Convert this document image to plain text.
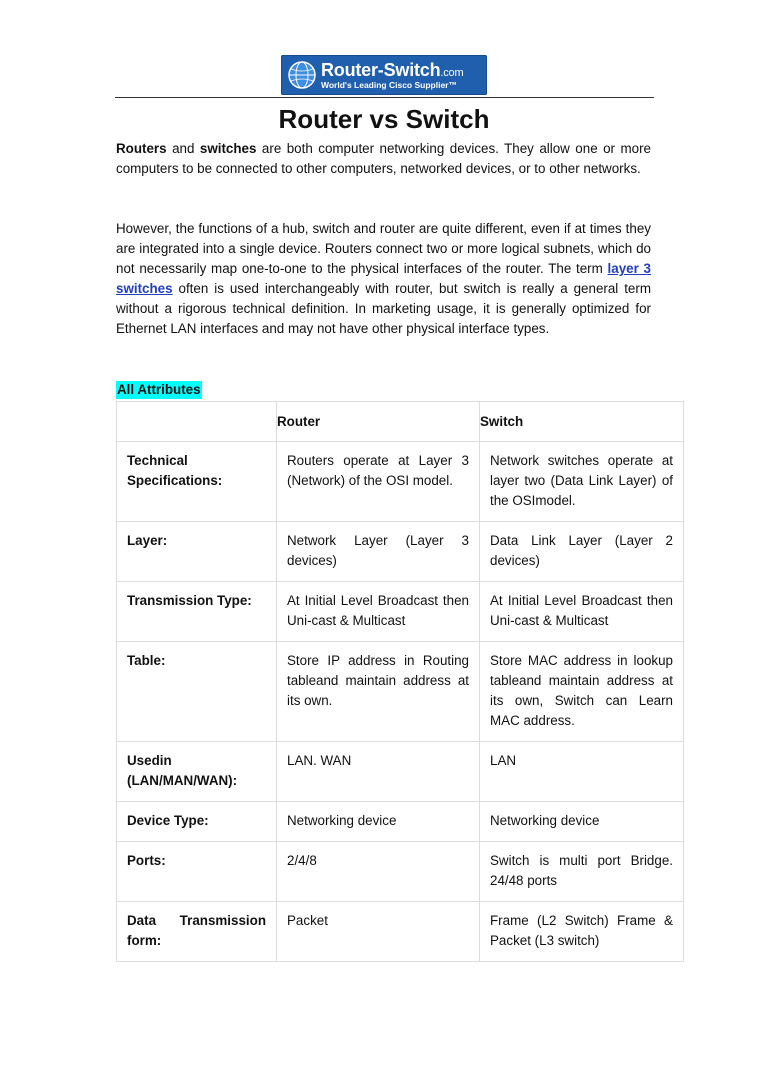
Router-Switch.com
World's Leading Cisco Supplier™
Router vs Switch

Routers and switches are both computer networking devices. They allow one or more computers to be connected to other computers, networked devices, or to other networks.

However, the functions of a hub, switch and router are quite different, even if at times they are integrated into a single device. Routers connect two or more logical subnets, which do not necessarily map one-to-one to the physical interfaces of the router. The term layer 3 switches often is used interchangeably with router, but switch is really a general term without a rigorous technical definition. In marketing usage, it is generally optimized for Ethernet LAN interfaces and may not have other physical interface types.

All Attributes
	Router	Switch
Technical Specifications:	Routers operate at Layer 3 (Network) of the OSI model.	Network switches operate at layer two (Data Link Layer) of the OSImodel.
Layer:	Network Layer (Layer 3 devices)	Data Link Layer (Layer 2 devices)
Transmission Type:	At Initial Level Broadcast then Uni-cast & Multicast	At Initial Level Broadcast then Uni-cast & Multicast
Table:	Store IP address in Routing tableand maintain address at its own.	Store MAC address in lookup tableand maintain address at its own, Switch can Learn MAC address.
Usedin (LAN/MAN/WAN):	LAN. WAN	LAN
Device Type:	Networking device	Networking device
Ports:	2/4/8	Switch is multi port Bridge. 24/48 ports
Data Transmission form:	Packet	Frame (L2 Switch) Frame & Packet (L3 switch)
